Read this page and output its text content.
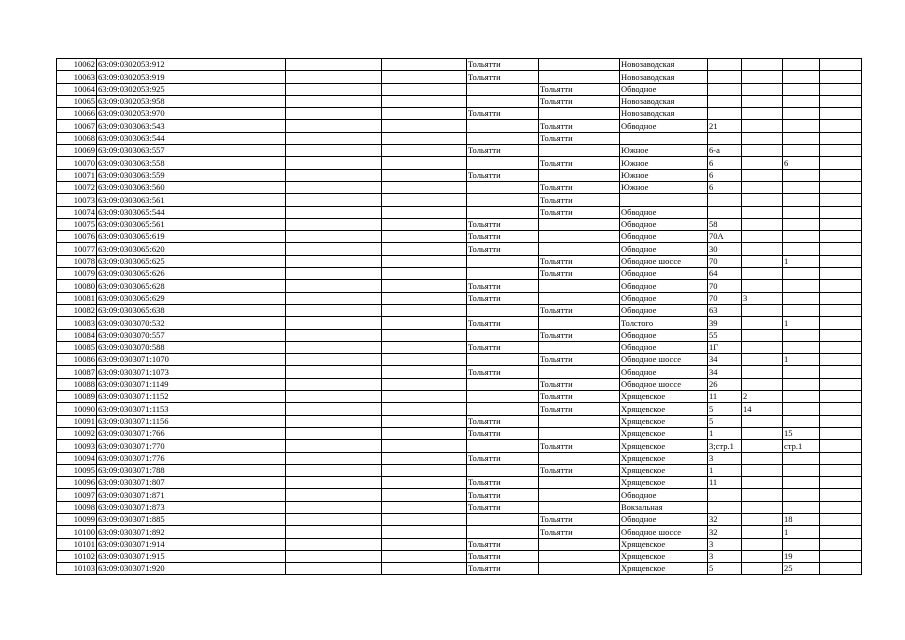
10062	63:09:0302053:912			Тольятти		Новозаводская				
10063	63:09:0302053:919			Тольятти		Новозаводская				
10064	63:09:0302053:925				Тольятти	Обводное				
10065	63:09:0302053:958				Тольятти	Новозаводская				
10066	63:09:0302053:970			Тольятти		Новозаводская				
10067	63:09:0303063:543				Тольятти	Обводное	21			
10068	63:09:0303063:544				Тольятти					
10069	63:09:0303063:557			Тольятти		Южное	6-а			
10070	63:09:0303063:558				Тольятти	Южное	6		6	
10071	63:09:0303063:559			Тольятти		Южное	6			
10072	63:09:0303063:560				Тольятти	Южное	6			
10073	63:09:0303063:561				Тольятти					
10074	63:09:0303065:544				Тольятти	Обводное				
10075	63:09:0303065:561			Тольятти		Обводное	58			
10076	63:09:0303065:619			Тольятти		Обводное	70А			
10077	63:09:0303065:620			Тольятти		Обводное	30			
10078	63:09:0303065:625				Тольятти	Обводное шоссе	70		1	
10079	63:09:0303065:626				Тольятти	Обводное	64			
10080	63:09:0303065:628			Тольятти		Обводное	70			
10081	63:09:0303065:629			Тольятти		Обводное	70	3		
10082	63:09:0303065:638				Тольятти	Обводное	63			
10083	63:09:0303070:532			Тольятти		Толстого	39		1	
10084	63:09:0303070:557				Тольятти	Обводное	55			
10085	63:09:0303070:588			Тольятти		Обводное	1Г			
10086	63:09:0303071:1070				Тольятти	Обводное шоссе	34		1	
10087	63:09:0303071:1073			Тольятти		Обводное	34			
10088	63:09:0303071:1149				Тольятти	Обводное шоссе	26			
10089	63:09:0303071:1152				Тольятти	Хрящевское	11	2		
10090	63:09:0303071:1153				Тольятти	Хрящевское	5	14		
10091	63:09:0303071:1156			Тольятти		Хрящевское	5			
10092	63:09:0303071:766			Тольятти		Хрящевское	1		15	
10093	63:09:0303071:770				Тольятти	Хрящевское	3;стр.1		стр.1	
10094	63:09:0303071:776			Тольятти		Хрящевское	3			
10095	63:09:0303071:788				Тольятти	Хрящевское	1			
10096	63:09:0303071:807			Тольятти		Хрящевское	11			
10097	63:09:0303071:871			Тольятти		Обводное				
10098	63:09:0303071:873			Тольятти		Вокзальная				
10099	63:09:0303071:885				Тольятти	Обводное	32		18	
10100	63:09:0303071:892				Тольятти	Обводное шоссе	32		1	
10101	63:09:0303071:914			Тольятти		Хрящевское	3			
10102	63:09:0303071:915			Тольятти		Хрящевское	3		19	
10103	63:09:0303071:920			Тольятти		Хрящевское	5		25	
